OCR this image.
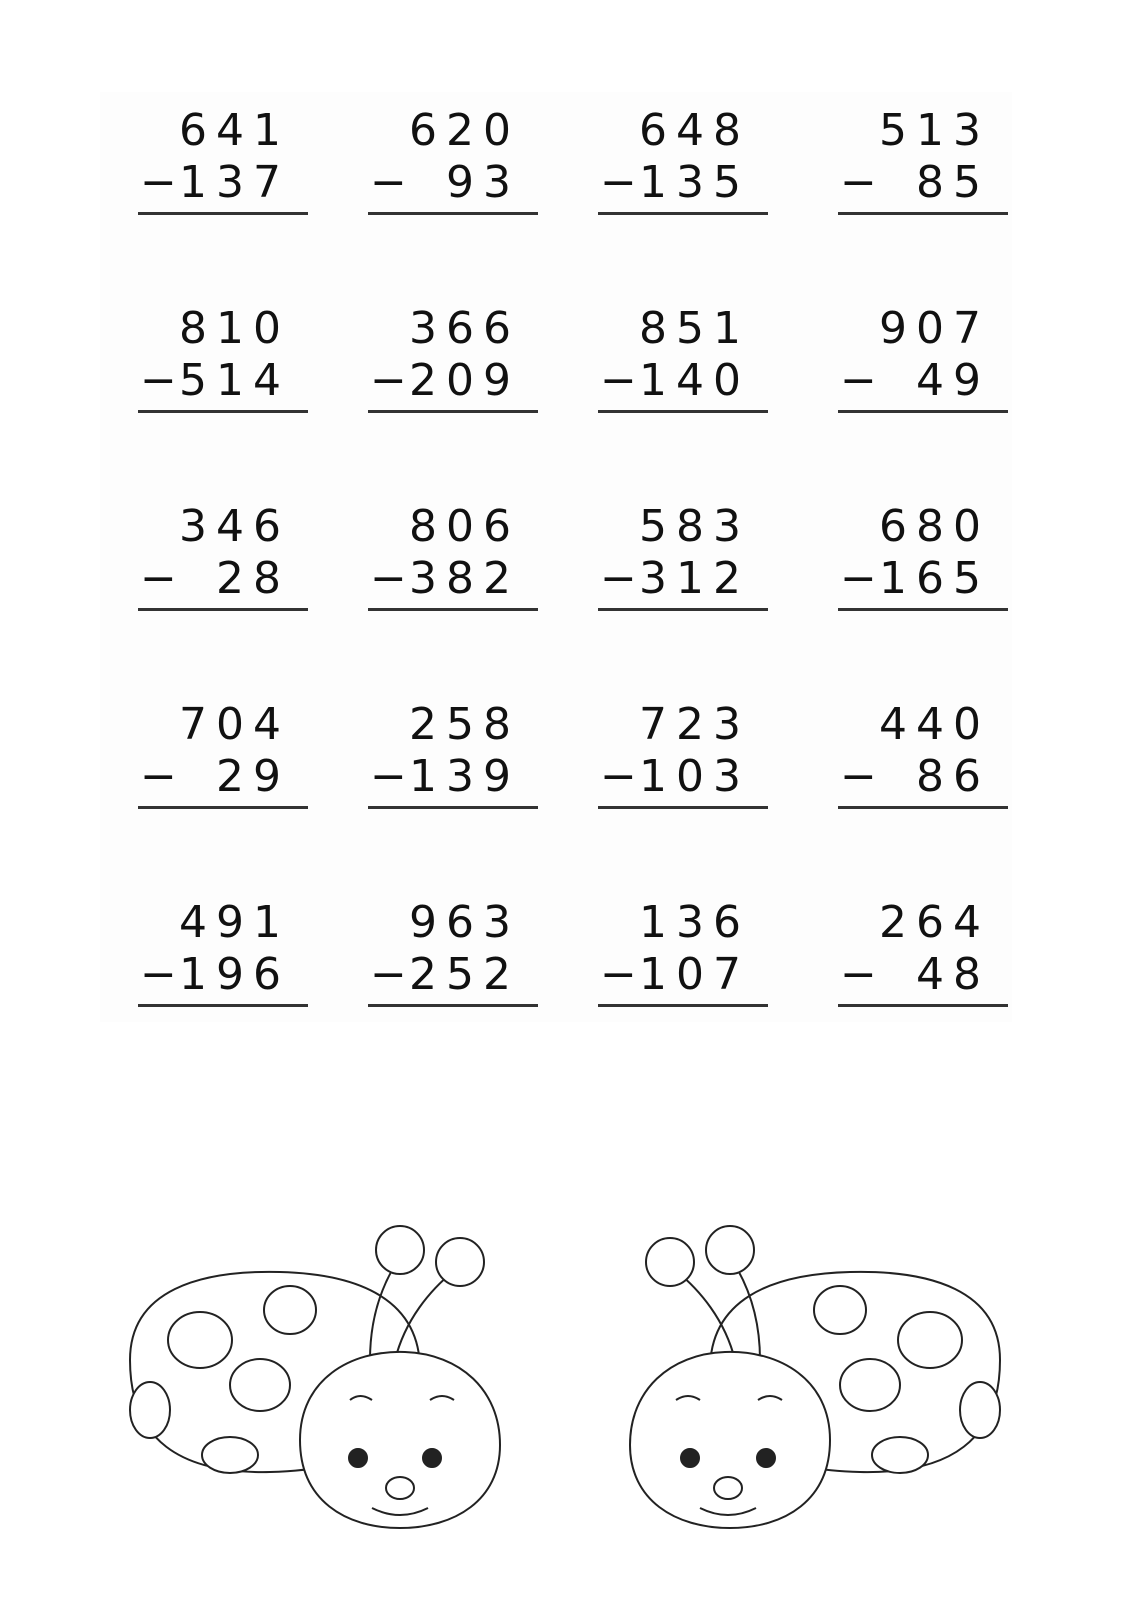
641
− 137
620
− 93
648
− 135
513
− 85
810
− 514
366
− 209
851
− 140
907
− 49
346
− 28
806
− 382
583
− 312
680
− 165
704
− 29
258
− 139
723
− 103
440
− 86
491
− 196
963
− 252
136
− 107
264
− 48
